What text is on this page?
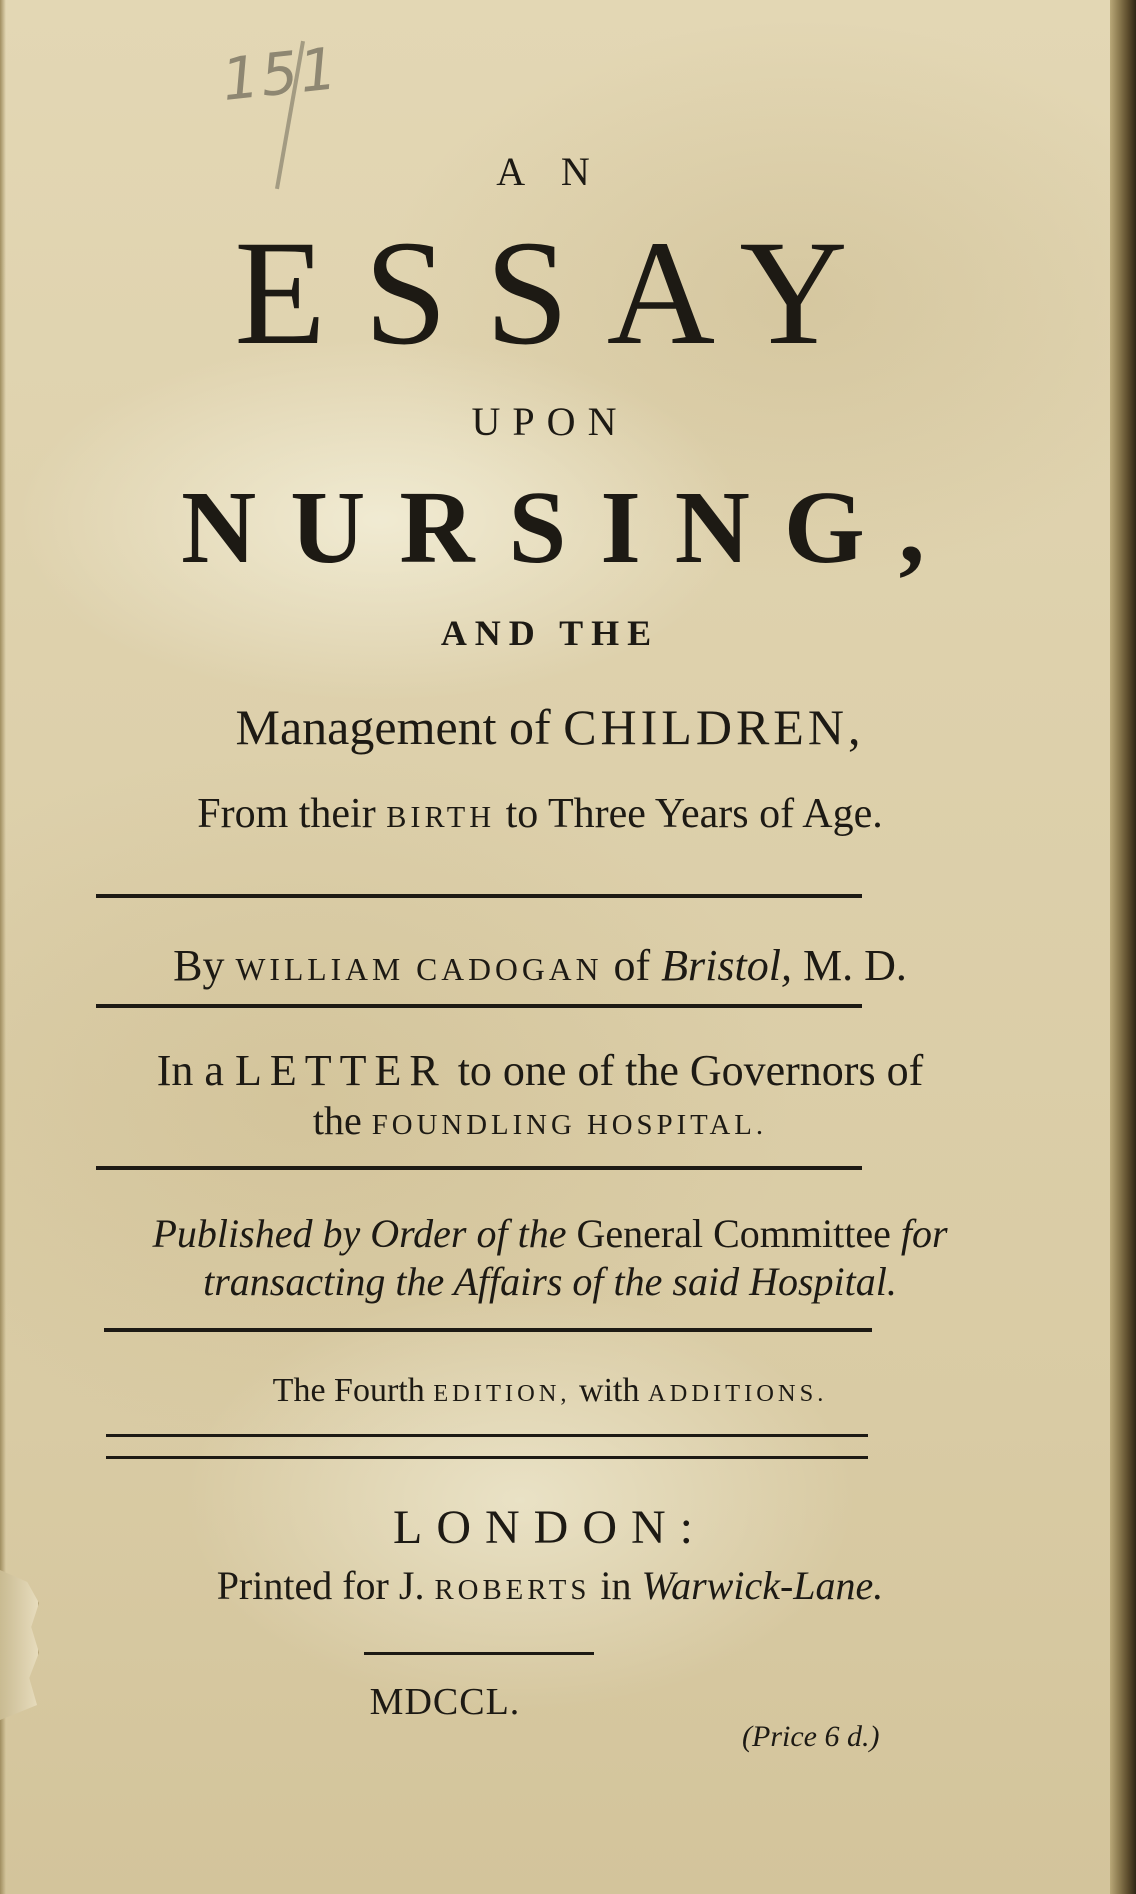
151
A N
ESSAY
UPON
NURSING,
AND THE
Management of CHILDREN,
From their BIRTH to Three Years of Age.
By WILLIAM CADOGAN of Bristol, M. D.
In a LETTER to one of the Governors of
the FOUNDLING HOSPITAL.
Published by Order of the General Committee for
transacting the Affairs of the said Hospital.
The Fourth EDITION, with ADDITIONS.
LONDON:
Printed for J. ROBERTS in Warwick-Lane.
MDCCL.
(Price 6 d.)
